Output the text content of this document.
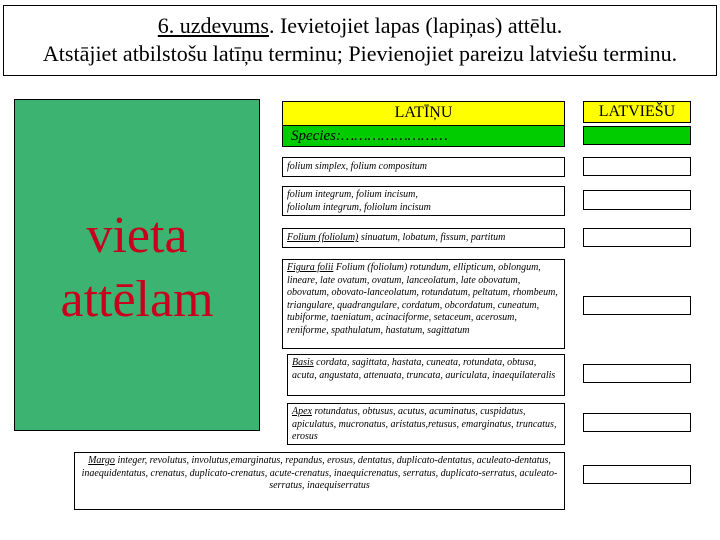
6. uzdevums. Ievietojiet lapas (lapiņas) attēlu.
Atstājiet atbilstošu latīņu terminu; Pievienojiet pareizu latviešu terminu.
vieta
attēlam
LATĪŅU
Species:……………………
LATVIEŠU
folium simplex, folium compositum
folium integrum, folium incisum,
foliolum integrum, foliolum incisum
Folium (foliolum) sinuatum, lobatum, fissum, partitum
Figura folii Folium (foliolum) rotundum, ellipticum, oblongum, lineare, late ovatum, ovatum, lanceolatum, late obovatum, obovatum, obovato-lanceolatum, rotundatum, peltatum, rhombeum, triangulare, quadrangulare, cordatum, obcordatum, cuneatum, tubiforme, taeniatum, acinaciforme, setaceum, acerosum, reniforme, spathulatum, hastatum, sagittatum
Basis cordata, sagittata, hastata, cuneata, rotundata, obtusa, acuta, angustata, attenuata, truncata, auriculata, inaequilateralis
Apex rotundatus, obtusus, acutus, acuminatus, cuspidatus, apiculatus, mucronatus, aristatus,retusus, emarginatus, truncatus, erosus
Margo integer, revolutus, involutus,emarginatus, repandus, erosus, dentatus, duplicato-dentatus, aculeato-dentatus, inaequidentatus, crenatus, duplicato-crenatus, acute-crenatus, inaequicrenatus, serratus, duplicato-serratus, aculeato-serratus, inaequiserratus
